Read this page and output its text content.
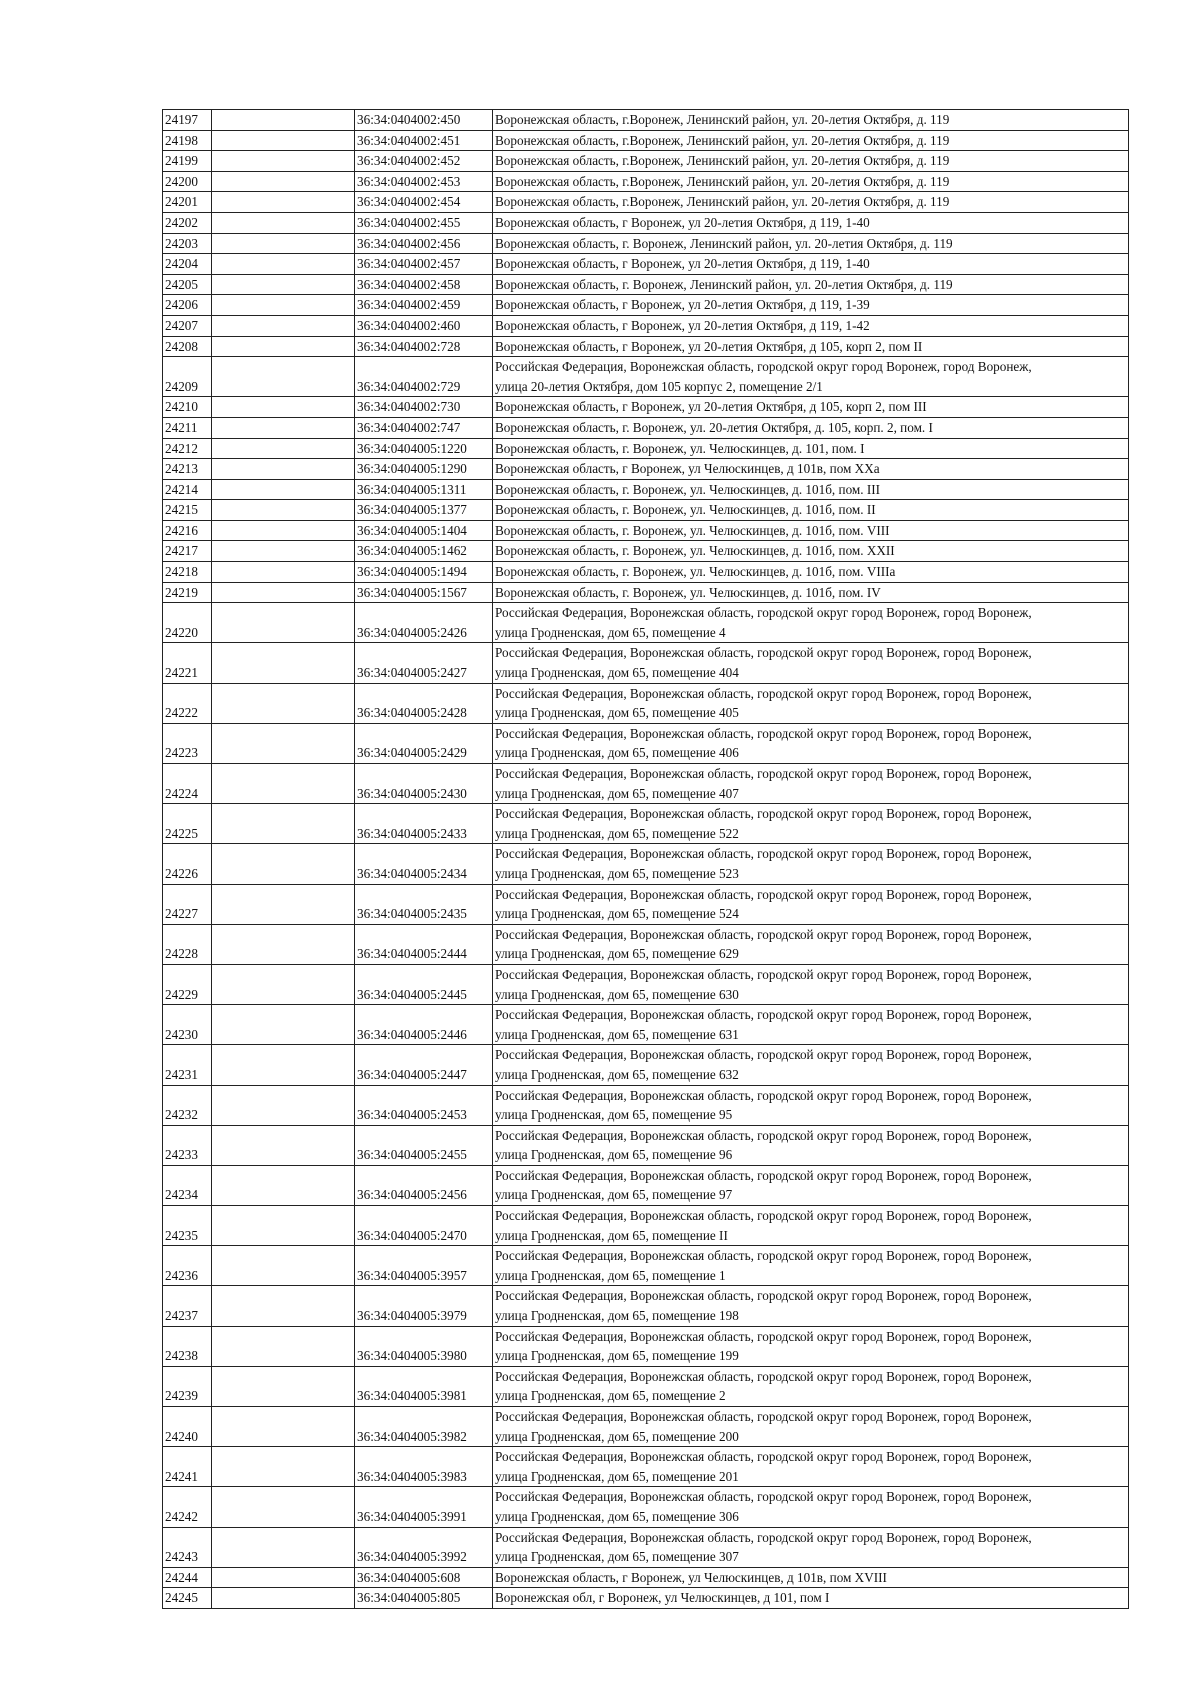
24197		36:34:0404002:450	Воронежская область, г.Воронеж, Ленинский район, ул. 20-летия Октября, д. 119

24198		36:34:0404002:451	Воронежская область, г.Воронеж, Ленинский район, ул. 20-летия Октября, д. 119

24199		36:34:0404002:452	Воронежская область, г.Воронеж, Ленинский район, ул. 20-летия Октября, д. 119

24200		36:34:0404002:453	Воронежская область, г.Воронеж, Ленинский район, ул. 20-летия Октября, д. 119

24201		36:34:0404002:454	Воронежская область, г.Воронеж, Ленинский район, ул. 20-летия Октября, д. 119

24202		36:34:0404002:455	Воронежская область, г Воронеж, ул 20-летия Октября, д 119, 1-40

24203		36:34:0404002:456	Воронежская область, г. Воронеж, Ленинский район, ул. 20-летия Октября, д. 119

24204		36:34:0404002:457	Воронежская область, г Воронеж, ул 20-летия Октября, д 119, 1-40

24205		36:34:0404002:458	Воронежская область, г. Воронеж, Ленинский район, ул. 20-летия Октября, д. 119

24206		36:34:0404002:459	Воронежская область, г Воронеж, ул 20-летия Октября, д 119, 1-39

24207		36:34:0404002:460	Воронежская область, г Воронеж, ул 20-летия Октября, д 119, 1-42

24208		36:34:0404002:728	Воронежская область, г Воронеж, ул 20-летия Октября, д 105, корп 2, пом II

24209		36:34:0404002:729	Российская Федерация, Воронежская область, городской округ город Воронеж, город Воронеж,
улица 20-летия Октября, дом 105 корпус 2, помещение 2/1

24210		36:34:0404002:730	Воронежская область, г Воронеж, ул 20-летия Октября, д 105, корп 2, пом III

24211		36:34:0404002:747	Воронежская область, г. Воронеж, ул. 20-летия Октября, д. 105, корп. 2, пом. I

24212		36:34:0404005:1220	Воронежская область, г. Воронеж, ул. Челюскинцев, д. 101, пом. I

24213		36:34:0404005:1290	Воронежская область, г Воронеж, ул Челюскинцев, д 101в, пом ХХа

24214		36:34:0404005:1311	Воронежская область, г. Воронеж, ул. Челюскинцев, д. 101б, пом. III

24215		36:34:0404005:1377	Воронежская область, г. Воронеж, ул. Челюскинцев, д. 101б, пом. II

24216		36:34:0404005:1404	Воронежская область, г. Воронеж, ул. Челюскинцев, д. 101б, пом. VIII

24217		36:34:0404005:1462	Воронежская область, г. Воронеж, ул. Челюскинцев, д. 101б, пом. XXII

24218		36:34:0404005:1494	Воронежская область, г. Воронеж, ул. Челюскинцев, д. 101б, пом. VIIIа

24219		36:34:0404005:1567	Воронежская область, г. Воронеж, ул. Челюскинцев, д. 101б, пом. IV

24220		36:34:0404005:2426	Российская Федерация, Воронежская область, городской округ город Воронеж, город Воронеж,
улица Гродненская, дом 65, помещение 4

24221		36:34:0404005:2427	Российская Федерация, Воронежская область, городской округ город Воронеж, город Воронеж,
улица Гродненская, дом 65, помещение 404

24222		36:34:0404005:2428	Российская Федерация, Воронежская область, городской округ город Воронеж, город Воронеж,
улица Гродненская, дом 65, помещение 405

24223		36:34:0404005:2429	Российская Федерация, Воронежская область, городской округ город Воронеж, город Воронеж,
улица Гродненская, дом 65, помещение 406

24224		36:34:0404005:2430	Российская Федерация, Воронежская область, городской округ город Воронеж, город Воронеж,
улица Гродненская, дом 65, помещение 407

24225		36:34:0404005:2433	Российская Федерация, Воронежская область, городской округ город Воронеж, город Воронеж,
улица Гродненская, дом 65, помещение 522

24226		36:34:0404005:2434	Российская Федерация, Воронежская область, городской округ город Воронеж, город Воронеж,
улица Гродненская, дом 65, помещение 523

24227		36:34:0404005:2435	Российская Федерация, Воронежская область, городской округ город Воронеж, город Воронеж,
улица Гродненская, дом 65, помещение 524

24228		36:34:0404005:2444	Российская Федерация, Воронежская область, городской округ город Воронеж, город Воронеж,
улица Гродненская, дом 65, помещение 629

24229		36:34:0404005:2445	Российская Федерация, Воронежская область, городской округ город Воронеж, город Воронеж,
улица Гродненская, дом 65, помещение 630

24230		36:34:0404005:2446	Российская Федерация, Воронежская область, городской округ город Воронеж, город Воронеж,
улица Гродненская, дом 65, помещение 631

24231		36:34:0404005:2447	Российская Федерация, Воронежская область, городской округ город Воронеж, город Воронеж,
улица Гродненская, дом 65, помещение 632

24232		36:34:0404005:2453	Российская Федерация, Воронежская область, городской округ город Воронеж, город Воронеж,
улица Гродненская, дом 65, помещение 95

24233		36:34:0404005:2455	Российская Федерация, Воронежская область, городской округ город Воронеж, город Воронеж,
улица Гродненская, дом 65, помещение 96

24234		36:34:0404005:2456	Российская Федерация, Воронежская область, городской округ город Воронеж, город Воронеж,
улица Гродненская, дом 65, помещение 97

24235		36:34:0404005:2470	Российская Федерация, Воронежская область, городской округ город Воронеж, город Воронеж,
улица Гродненская, дом 65, помещение II

24236		36:34:0404005:3957	Российская Федерация, Воронежская область, городской округ город Воронеж, город Воронеж,
улица Гродненская, дом 65, помещение 1

24237		36:34:0404005:3979	Российская Федерация, Воронежская область, городской округ город Воронеж, город Воронеж,
улица Гродненская, дом 65, помещение 198

24238		36:34:0404005:3980	Российская Федерация, Воронежская область, городской округ город Воронеж, город Воронеж,
улица Гродненская, дом 65, помещение 199

24239		36:34:0404005:3981	Российская Федерация, Воронежская область, городской округ город Воронеж, город Воронеж,
улица Гродненская, дом 65, помещение 2

24240		36:34:0404005:3982	Российская Федерация, Воронежская область, городской округ город Воронеж, город Воронеж,
улица Гродненская, дом 65, помещение 200

24241		36:34:0404005:3983	Российская Федерация, Воронежская область, городской округ город Воронеж, город Воронеж,
улица Гродненская, дом 65, помещение 201

24242		36:34:0404005:3991	Российская Федерация, Воронежская область, городской округ город Воронеж, город Воронеж,
улица Гродненская, дом 65, помещение 306

24243		36:34:0404005:3992	Российская Федерация, Воронежская область, городской округ город Воронеж, город Воронеж,
улица Гродненская, дом 65, помещение 307

24244		36:34:0404005:608	Воронежская область, г Воронеж, ул Челюскинцев, д 101в, пом XVIII

24245		36:34:0404005:805	Воронежская обл, г Воронеж, ул Челюскинцев, д 101, пом I
